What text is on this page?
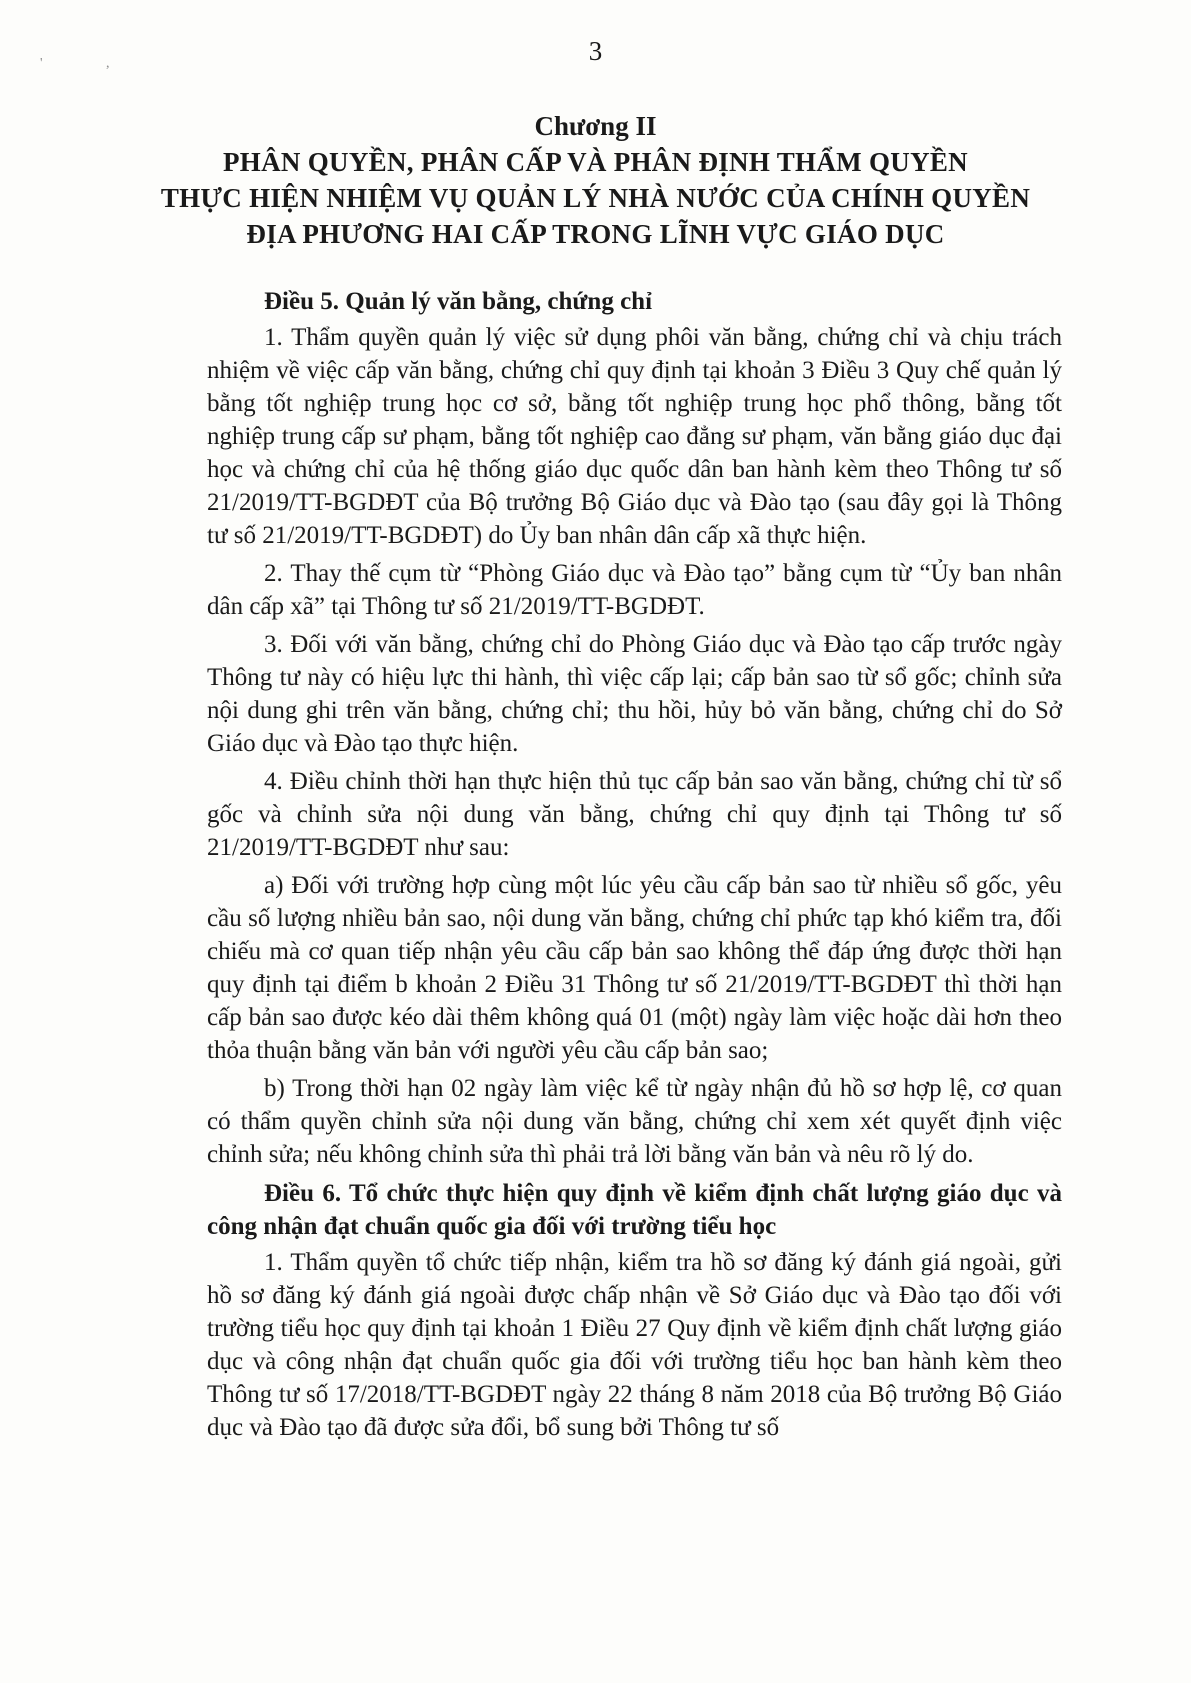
' ,	3
Chương II
PHÂN QUYỀN, PHÂN CẤP VÀ PHÂN ĐỊNH THẨM QUYỀN
THỰC HIỆN NHIỆM VỤ QUẢN LÝ NHÀ NƯỚC CỦA CHÍNH QUYỀN
ĐỊA PHƯƠNG HAI CẤP TRONG LĨNH VỰC GIÁO DỤC
Điều 5. Quản lý văn bằng, chứng chỉ

1. Thẩm quyền quản lý việc sử dụng phôi văn bằng, chứng chỉ và chịu trách nhiệm về việc cấp văn bằng, chứng chỉ quy định tại khoản 3 Điều 3 Quy chế quản lý bằng tốt nghiệp trung học cơ sở, bằng tốt nghiệp trung học phổ thông, bằng tốt nghiệp trung cấp sư phạm, bằng tốt nghiệp cao đẳng sư phạm, văn bằng giáo dục đại học và chứng chỉ của hệ thống giáo dục quốc dân ban hành kèm theo Thông tư số 21/2019/TT-BGDĐT của Bộ trưởng Bộ Giáo dục và Đào tạo (sau đây gọi là Thông tư số 21/2019/TT-BGDĐT) do Ủy ban nhân dân cấp xã thực hiện.

2. Thay thế cụm từ “Phòng Giáo dục và Đào tạo” bằng cụm từ “Ủy ban nhân dân cấp xã” tại Thông tư số 21/2019/TT-BGDĐT.

3. Đối với văn bằng, chứng chỉ do Phòng Giáo dục và Đào tạo cấp trước ngày Thông tư này có hiệu lực thi hành, thì việc cấp lại; cấp bản sao từ sổ gốc; chỉnh sửa nội dung ghi trên văn bằng, chứng chỉ; thu hồi, hủy bỏ văn bằng, chứng chỉ do Sở Giáo dục và Đào tạo thực hiện.

4. Điều chỉnh thời hạn thực hiện thủ tục cấp bản sao văn bằng, chứng chỉ từ sổ gốc và chỉnh sửa nội dung văn bằng, chứng chỉ quy định tại Thông tư số 21/2019/TT-BGDĐT như sau:

a) Đối với trường hợp cùng một lúc yêu cầu cấp bản sao từ nhiều sổ gốc, yêu cầu số lượng nhiều bản sao, nội dung văn bằng, chứng chỉ phức tạp khó kiểm tra, đối chiếu mà cơ quan tiếp nhận yêu cầu cấp bản sao không thể đáp ứng được thời hạn quy định tại điểm b khoản 2 Điều 31 Thông tư số 21/2019/TT-BGDĐT thì thời hạn cấp bản sao được kéo dài thêm không quá 01 (một) ngày làm việc hoặc dài hơn theo thỏa thuận bằng văn bản với người yêu cầu cấp bản sao;

b) Trong thời hạn 02 ngày làm việc kể từ ngày nhận đủ hồ sơ hợp lệ, cơ quan có thẩm quyền chỉnh sửa nội dung văn bằng, chứng chỉ xem xét quyết định việc chỉnh sửa; nếu không chỉnh sửa thì phải trả lời bằng văn bản và nêu rõ lý do.

Điều 6. Tổ chức thực hiện quy định về kiểm định chất lượng giáo dục và công nhận đạt chuẩn quốc gia đối với trường tiểu học

1. Thẩm quyền tổ chức tiếp nhận, kiểm tra hồ sơ đăng ký đánh giá ngoài, gửi hồ sơ đăng ký đánh giá ngoài được chấp nhận về Sở Giáo dục và Đào tạo đối với trường tiểu học quy định tại khoản 1 Điều 27 Quy định về kiểm định chất lượng giáo dục và công nhận đạt chuẩn quốc gia đối với trường tiểu học ban hành kèm theo Thông tư số 17/2018/TT-BGDĐT ngày 22 tháng 8 năm 2018 của Bộ trưởng Bộ Giáo dục và Đào tạo đã được sửa đổi, bổ sung bởi Thông tư số
